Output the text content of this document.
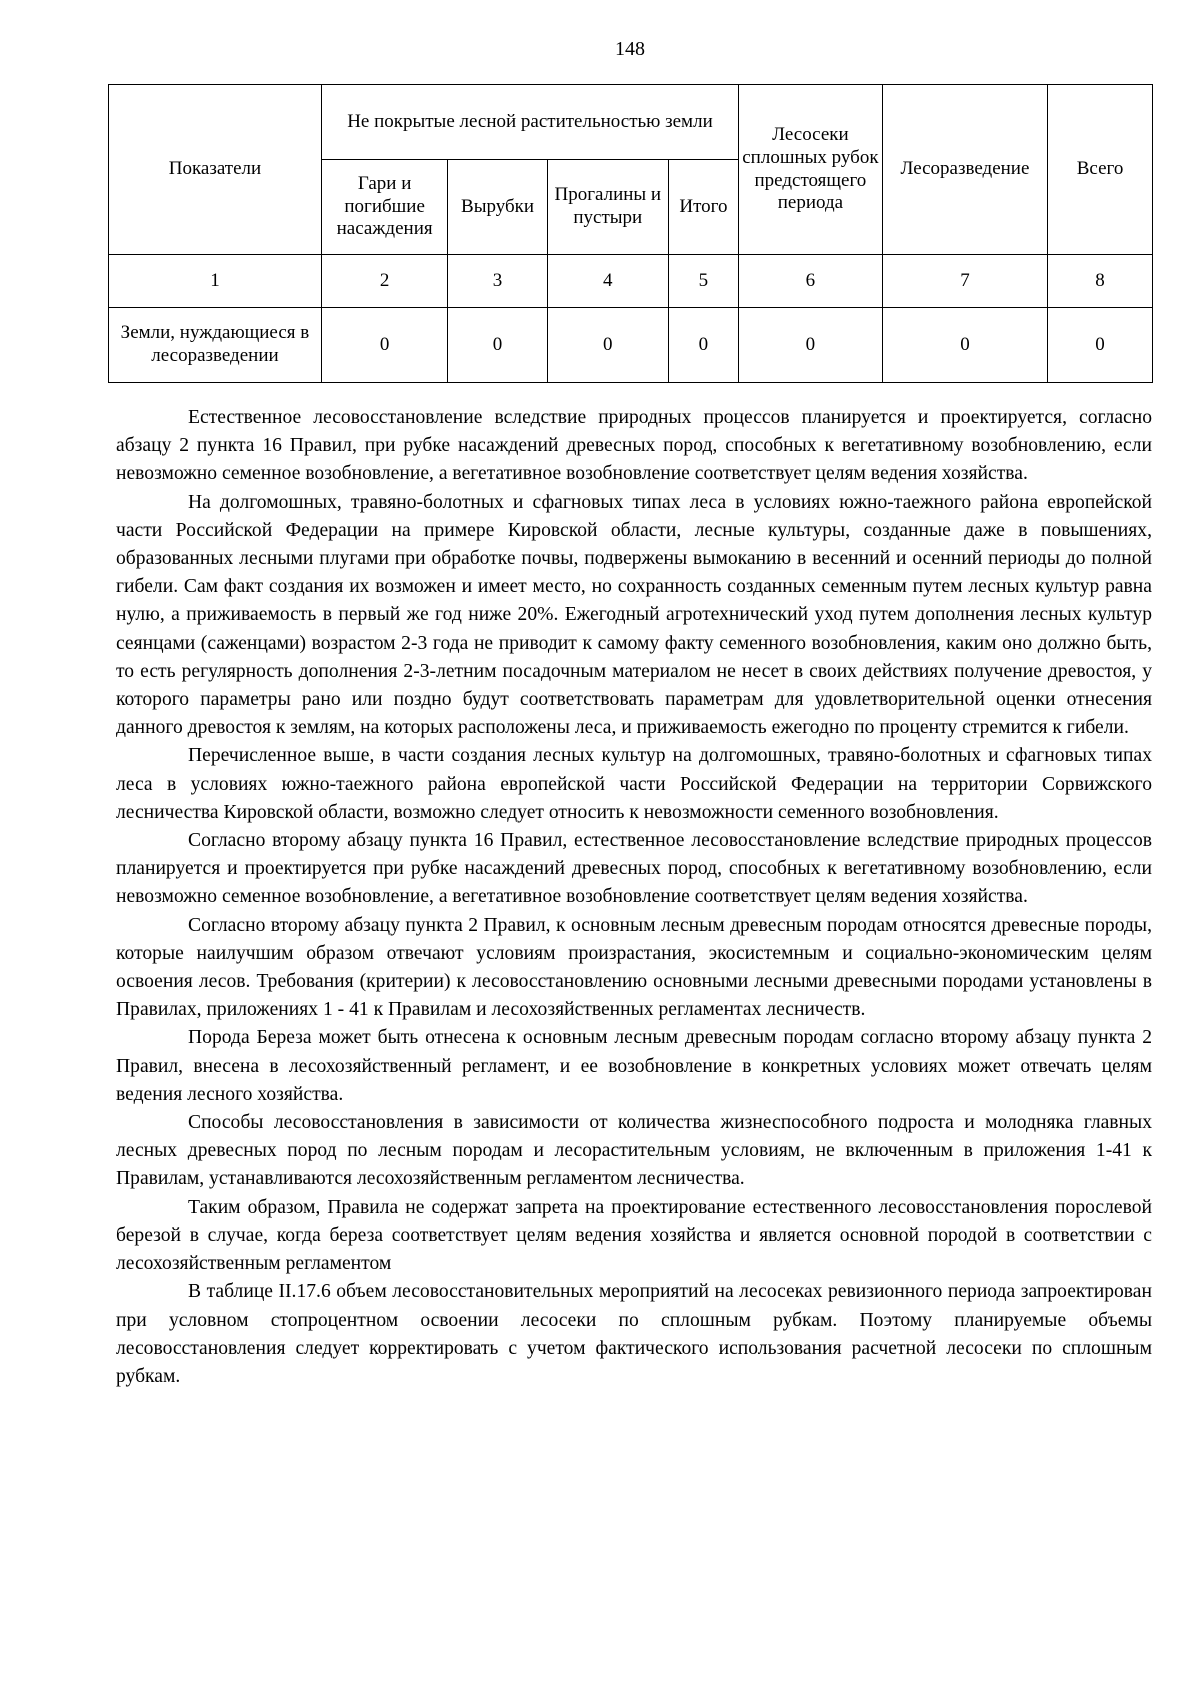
148
Показатели	Не покрытые лесной растительностью земли				Лесосеки сплошных рубок предстоящего периода	Лесоразведение	Всего
	Гари и погибшие насаждения	Вырубки	Прогалины и пустыри	Итого			
1	2	3	4	5	6	7	8
Земли, нуждающиеся в лесоразведении	0	0	0	0	0	0	0

Естественное лесовосстановление вследствие природных процессов планируется и проектируется, согласно абзацу 2 пункта 16 Правил, при рубке насаждений древесных пород, способных к вегетативному возобновлению, если невозможно семенное возобновление, а вегетативное возобновление соответствует целям ведения хозяйства.

На долгомошных, травяно-болотных и сфагновых типах леса в условиях южно-таежного района европейской части Российской Федерации на примере Кировской области, лесные культуры, созданные даже в повышениях, образованных лесными плугами при обработке почвы, подвержены вымоканию в весенний и осенний периоды до полной гибели. Сам факт создания их возможен и имеет место, но сохранность созданных семенным путем лесных культур равна нулю, а приживаемость в первый же год ниже 20%. Ежегодный агротехнический уход путем дополнения лесных культур сеянцами (саженцами) возрастом 2-3 года не приводит к самому факту семенного возобновления, каким оно должно быть, то есть регулярность дополнения 2-3-летним посадочным материалом не несет в своих действиях получение древостоя, у которого параметры рано или поздно будут соответствовать параметрам для удовлетворительной оценки отнесения данного древостоя к землям, на которых расположены леса, и приживаемость ежегодно по проценту стремится к гибели.

Перечисленное выше, в части создания лесных культур на долгомошных, травяно-болотных и сфагновых типах леса в условиях южно-таежного района европейской части Российской Федерации на территории Сорвижского лесничества Кировской области, возможно следует относить к невозможности семенного возобновления.

Согласно второму абзацу пункта 16 Правил, естественное лесовосстановление вследствие природных процессов планируется и проектируется при рубке насаждений древесных пород, способных к вегетативному возобновлению, если невозможно семенное возобновление, а вегетативное возобновление соответствует целям ведения хозяйства.

Согласно второму абзацу пункта 2 Правил, к основным лесным древесным породам относятся древесные породы, которые наилучшим образом отвечают условиям произрастания, экосистемным и социально-экономическим целям освоения лесов. Требования (критерии) к лесовосстановлению основными лесными древесными породами установлены в Правилах, приложениях 1 - 41 к Правилам и лесохозяйственных регламентах лесничеств.

Порода Береза может быть отнесена к основным лесным древесным породам согласно второму абзацу пункта 2 Правил, внесена в лесохозяйственный регламент, и ее возобновление в конкретных условиях может отвечать целям ведения лесного хозяйства.

Способы лесовосстановления в зависимости от количества жизнеспособного подроста и молодняка главных лесных древесных пород по лесным породам и лесорастительным условиям, не включенным в приложения 1-41 к Правилам, устанавливаются лесохозяйственным регламентом лесничества.

Таким образом, Правила не содержат запрета на проектирование естественного лесовосстановления порослевой березой в случае, когда береза соответствует целям ведения хозяйства и является основной породой в соответствии с лесохозяйственным регламентом

В таблице II.17.6 объем лесовосстановительных мероприятий на лесосеках ревизионного периода запроектирован при условном стопроцентном освоении лесосеки по сплошным рубкам. Поэтому планируемые объемы лесовосстановления следует корректировать с учетом фактического использования расчетной лесосеки по сплошным рубкам.
